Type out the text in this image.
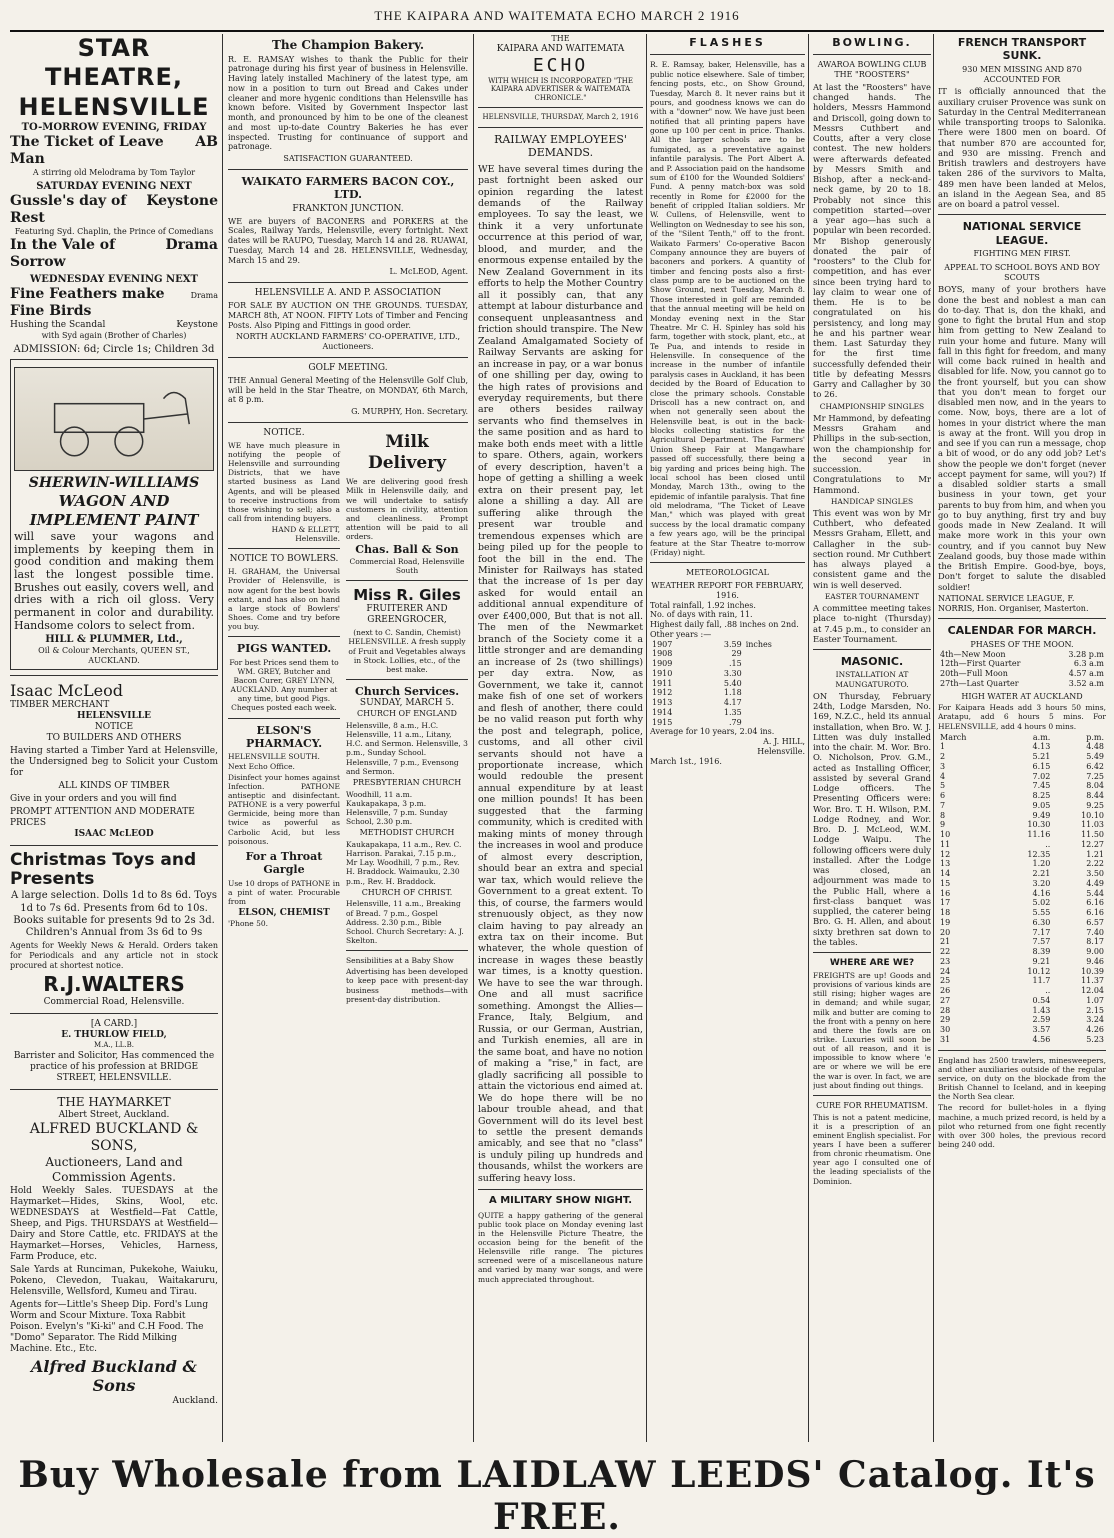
THE KAIPARA AND WAITEMATA ECHO MARCH 2 1916
STAR THEATRE, HELENSVILLE
TO-MORROW EVENING, FRIDAY
The Ticket of Leave Man
AB
A stirring old Melodrama by Tom Taylor
SATURDAY EVENING NEXT
Gussle's day of Rest
Keystone
Featuring Syd. Chaplin, the Prince of Comedians
In the Vale of Sorrow
Drama
WEDNESDAY EVENING NEXT
Fine Feathers make Fine Birds
Drama
Hushing the Scandal	Keystone
with Syd again (Brother of Charles)
ADMISSION: 6d; Circle 1s; Children 3d
SHERWIN-WILLIAMS
WAGON AND IMPLEMENT PAINT

will save your wagons and implements by keeping them in good condition and making them last the longest possible time. Brushes out easily, covers well, and dries with a rich oil gloss. Very permanent in color and durability. Handsome colors to select from.

HILL & PLUMMER, Ltd.,
Oil & Colour Merchants, QUEEN ST., AUCKLAND.
Isaac McLeod
TIMBER MERCHANT
HELENSVILLE
NOTICE
TO BUILDERS AND OTHERS

Having started a Timber Yard at Helensville, the Undersigned beg to Solicit your Custom for

ALL KINDS OF TIMBER

Give in your orders and you will find

PROMPT ATTENTION AND MODERATE PRICES
ISAAC McLEOD
Christmas Toys and Presents

A large selection. Dolls 1d to 8s 6d. Toys 1d to 7s 6d. Presents from 6d to 10s. Books suitable for presents 9d to 2s 3d. Children's Annual from 3s 6d to 9s

Agents for Weekly News & Herald. Orders taken for Periodicals and any article not in stock procured at shortest notice.

R.J.WALTERS
Commercial Road, Helensville.
[A CARD.]
E. THURLOW FIELD,
M.A., LL.B.

Barrister and Solicitor, Has commenced the practice of his profession at BRIDGE STREET, HELENSVILLE.

THE HAYMARKET
Albert Street, Auckland.
ALFRED BUCKLAND & SONS,
Auctioneers, Land and Commission Agents.

Hold Weekly Sales. TUESDAYS at the Haymarket—Hides, Skins, Wool, etc. WEDNESDAYS at Westfield—Fat Cattle, Sheep, and Pigs. THURSDAYS at Westfield—Dairy and Store Cattle, etc. FRIDAYS at the Haymarket—Horses, Vehicles, Harness, Farm Produce, etc.

Sale Yards at Runciman, Pukekohe, Waiuku, Pokeno, Clevedon, Tuakau, Waitakaruru, Helensville, Wellsford, Kumeu and Tirau.

Agents for—Little's Sheep Dip. Ford's Lung Worm and Scour Mixture. Toxa Rabbit Poison. Evelyn's "Ki-ki" and C.H Food. The "Domo" Separator. The Ridd Milking Machine. Etc., Etc.

Alfred Buckland & Sons
Auckland.
The Champion Bakery.

R. E. RAMSAY wishes to thank the Public for their patronage during his first year of business in Helensville. Having lately installed Machinery of the latest type, am now in a position to turn out Bread and Cakes under cleaner and more hygenic conditions than Helensville has known before. Visited by Government Inspector last month, and pronounced by him to be one of the cleanest and most up-to-date Country Bakeries he has ever inspected. Trusting for continuance of support and patronage.

SATISFACTION GUARANTEED.
WAIKATO FARMERS BACON COY., LTD.
FRANKTON JUNCTION.

WE are buyers of BACONERS and PORKERS at the Scales, Railway Yards, Helensville, every fortnight. Next dates will be RAUPO, Tuesday, March 14 and 28. RUAWAI, Tuesday, March 14 and 28. HELENSVILLE, Wednesday, March 15 and 29.

L. McLEOD, Agent.
HELENSVILLE A. AND P. ASSOCIATION

FOR SALE BY AUCTION ON THE GROUNDS. TUESDAY, MARCH 8th, AT NOON. FIFTY Lots of Timber and Fencing Posts. Also Piping and Fittings in good order.

NORTH AUCKLAND FARMERS' CO-OPERATIVE, LTD., Auctioneers.
GOLF MEETING.

THE Annual General Meeting of the Helensville Golf Club, will be held in the Star Theatre, on MONDAY, 6th March, at 8 p.m.

G. MURPHY, Hon. Secretary.
NOTICE.

WE have much pleasure in notifying the people of Helensville and surrounding Districts, that we have started business as Land Agents, and will be pleased to receive instructions from those wishing to sell; also a call from intending buyers.

HAND & ELLETT, Helensville.
NOTICE TO BOWLERS.

H. GRAHAM, the Universal Provider of Helensville, is now agent for the best bowls extant, and has also on hand a large stock of Bowlers' Shoes. Come and try before you buy.

PIGS WANTED.

For best Prices send them to WM. GREY, Butcher and Bacon Curer, GREY LYNN, AUCKLAND. Any number at any time, but good Pigs. Cheques posted each week.

ELSON'S PHARMACY.
HELENSVILLE SOUTH. Next Echo Office.

Disinfect your homes against Infection. PATHONE antiseptic and disinfectant. PATHONE is a very powerful Germicide, being more than twice as powerful as Carbolic Acid, but less poisonous.

For a Throat Gargle

Use 10 drops of PATHONE in a pint of water. Procurable from

ELSON, CHEMIST
'Phone 50.
Milk Delivery

We are delivering good fresh Milk in Helensville daily, and we will undertake to satisfy customers in civility, attention and cleanliness. Prompt attention will be paid to all orders.

Chas. Ball & Son
Commercial Road, Helensville South
Miss R. Giles
FRUITERER AND GREENGROCER,

(next to C. Sandin, Chemist) HELENSVILLE. A fresh supply of Fruit and Vegetables always in Stock. Lollies, etc., of the best make.

Church Services.
SUNDAY, MARCH 5.
CHURCH OF ENGLAND

Helensville, 8 a.m., H.C. Helensville, 11 a.m., Litany, H.C. and Sermon. Helensville, 3 p.m., Sunday School. Helensville, 7 p.m., Evensong and Sermon.

PRESBYTERIAN CHURCH

Woodhill, 11 a.m. Kaukapakapa, 3 p.m. Helensville, 7 p.m. Sunday School, 2.30 p.m.

METHODIST CHURCH

Kaukapakapa, 11 a.m., Rev. C. Harrison. Parakai, 7.15 p.m., Mr Lay. Woodhill, 7 p.m., Rev. H. Braddock. Waimauku, 2.30 p.m., Rev. H. Braddock.

CHURCH OF CHRIST.

Helensville, 11 a.m., Breaking of Bread. 7 p.m., Gospel Address. 2.30 p.m., Bible School. Church Secretary: A. J. Skelton.

Sensibilities at a Baby Show

Advertising has been developed to keep pace with present-day business methods—with present-day distribution.

THE
KAIPARA AND WAITEMATA
ECHO
WITH WHICH IS INCORPORATED "THE KAIPARA ADVERTISER & WAITEMATA CHRONICLE."
HELENSVILLE, THURSDAY, March 2, 1916
RAILWAY EMPLOYEES' DEMANDS.

WE have several times during the past fortnight been asked our opinion regarding the latest demands of the Railway employees. To say the least, we think it a very unfortunate occurrence at this period of war, blood, and murder, and the enormous expense entailed by the New Zealand Government in its efforts to help the Mother Country all it possibly can, that any attempt at labour disturbance and consequent unpleasantness and friction should transpire. The New Zealand Amalgamated Society of Railway Servants are asking for an increase in pay, or a war bonus of one shilling per day, owing to the high rates of provisions and everyday requirements, but there are others besides railway servants who find themselves in the same position and as hard to make both ends meet with a little to spare. Others, again, workers of every description, haven't a hope of getting a shilling a week extra on their present pay, let alone a shilling a day. All are suffering alike through the present war trouble and tremendous expenses which are being piled up for the people to foot the bill in the end. The Minister for Railways has stated that the increase of 1s per day asked for would entail an additional annual expenditure of over £400,000, But that is not all. The men of the Newmarket branch of the Society come it a little stronger and are demanding an increase of 2s (two shillings) per day extra. Now, as Government, we take it, cannot make fish of one set of workers and flesh of another, there could be no valid reason put forth why the post and telegraph, police, customs, and all other civil servants should not have a proportionate increase, which would redouble the present annual expenditure by at least one million pounds! It has been suggested that the farming community, which is credited with making mints of money through the increases in wool and produce of almost every description, should bear an extra and special war tax, which would relieve the Government to a great extent. To this, of course, the farmers would strenuously object, as they now claim having to pay already an extra tax on their income. But whatever, the whole question of increase in wages these beastly war times, is a knotty question. We have to see the war through. One and all must sacrifice something. Amongst the Allies—France, Italy, Belgium, and Russia, or our German, Austrian, and Turkish enemies, all are in the same boat, and have no notion of making a "rise," in fact, are gladly sacrificing all possible to attain the victorious end aimed at. We do hope there will be no labour trouble ahead, and that Government will do its level best to settle the present demands amicably, and see that no "class" is unduly piling up hundreds and thousands, whilst the workers are suffering heavy loss.

A MILITARY SHOW NIGHT.

QUITE a happy gathering of the general public took place on Monday evening last in the Helensville Picture Theatre, the occasion being for the benefit of the Helensville rifle range. The pictures screened were of a miscellaneous nature and varied by many war songs, and were much appreciated throughout.

FLASHES

R. E. Ramsay, baker, Helensville, has a public notice elsewhere. Sale of timber, fencing posts, etc., on Show Ground, Tuesday, March 8. It never rains but it pours, and goodness knows we can do with a "downer" now. We have just been notified that all printing papers have gone up 100 per cent in price. Thanks. All the larger schools are to be fumigated, as a preventative against infantile paralysis. The Port Albert A. and P. Association paid on the handsome sum of £100 for the Wounded Soldiers' Fund. A penny match-box was sold recently in Rome for £2000 for the benefit of crippled Italian soldiers. Mr W. Cullens, of Helensville, went to Wellington on Wednesday to see his son, of the "Silent Tenth," off to the front. Waikato Farmers' Co-operative Bacon Company announce they are buyers of baconers and porkers. A quantity of timber and fencing posts also a first-class pump are to be auctioned on the Show Ground, next Tuesday, March 8. Those interested in golf are reminded that the annual meeting will be held on Monday evening next in the Star Theatre. Mr C. H. Spinley has sold his farm, together with stock, plant, etc., at Te Pua, and intends to reside in Helensville. In consequence of the increase in the number of infantile paralysis cases in Auckland, it has been decided by the Board of Education to close the primary schools. Constable Driscoll has a new contract on, and when not generally seen about the Helensville beat, is out in the back-blocks collecting statistics for the Agricultural Department. The Farmers' Union Sheep Fair at Mangawhare passed off successfully, there being a big yarding and prices being high. The local school has been closed until Monday, March 13th., owing to the epidemic of infantile paralysis. That fine old melodrama, "The Ticket of Leave Man," which was played with great success by the local dramatic company a few years ago, will be the principal feature at the Star Theatre to-morrow (Friday) night.

METEOROLOGICAL
WEATHER REPORT FOR FEBRUARY, 1916.
Total rainfall, 1.92 inches.
No. of days with rain, 11.
Highest daily fall, .88 inches on 2nd.
Other years :—
1907	3.59	inches
1908	29	
1909	.15	
1910	3.30	
1911	5.40	
1912	1.18	
1913	4.17	
1914	1.35	
1915	.79	
Average for 10 years, 2.04 ins.
A. J. HILL,
Helensville.
March 1st., 1916.
BOWLING.
AWAROA BOWLING CLUB
THE "ROOSTERS"

At last the "Roosters" have changed hands. The holders, Messrs Hammond and Driscoll, going down to Messrs Cuthbert and Coutts, after a very close contest. The new holders were afterwards defeated by Messrs Smith and Bishop, after a neck-and-neck game, by 20 to 18. Probably not since this competition started—over a year ago—has such a popular win been recorded. Mr Bishop generously donated the pair of "roosters" to the Club for competition, and has ever since been trying hard to lay claim to wear one of them. He is to be congratulated on his persistency, and long may he and his partner wear them. Last Saturday they for the first time successfully defended their title by defeating Messrs Garry and Callagher by 30 to 26.

CHAMPIONSHIP SINGLES

Mr Hammond, by defeating Messrs Graham and Phillips in the sub-section, won the championship for the second year in succession. Congratulations to Mr Hammond.

HANDICAP SINGLES

This event was won by Mr Cuthbert, who defeated Messrs Graham, Ellett, and Callagher in the sub-section round. Mr Cuthbert has always played a consistent game and the win is well deserved.

EASTER TOURNAMENT

A committee meeting takes place to-night (Thursday) at 7.45 p.m., to consider an Easter Tournament.

MASONIC.
INSTALLATION AT MAUNGATUROTO.

ON Thursday, February 24th, Lodge Marsden, No. 169, N.Z.C., held its annual installation, when Bro. W. J. Litten was duly installed into the chair. M. Wor. Bro. O. Nicholson, Prov. G.M., acted as Installing Officer, assisted by several Grand Lodge officers. The Presenting Officers were: Wor. Bro. T. H. Wilson, P.M. Lodge Rodney, and Wor. Bro. D. J. McLeod, W.M. Lodge Waipu. The following officers were duly installed. After the Lodge was closed, an adjournment was made to the Public Hall, where a first-class banquet was supplied, the caterer being Bro. G. H. Allen, and about sixty brethren sat down to the tables.

WHERE ARE WE?

FREIGHTS are up! Goods and provisions of various kinds are still rising; higher wages are in demand; and while sugar, milk and butter are coming to the front with a penny on here and there the fowls are on strike. Luxuries will soon be out of all reason, and it is impossible to know where 'e are or where we will be ere the war is over. In fact, we are just about finding out things.

CURE FOR RHEUMATISM.

This is not a patent medicine, it is a prescription of an eminent English specialist. For years I have been a sufferer from chronic rheumatism. One year ago I consulted one of the leading specialists of the Dominion.

FRENCH TRANSPORT SUNK.
930 MEN MISSING AND 870 ACCOUNTED FOR

IT is officially announced that the auxiliary cruiser Provence was sunk on Saturday in the Central Mediterranean while transporting troops to Salonika. There were 1800 men on board. Of that number 870 are accounted for, and 930 are missing. French and British trawlers and destroyers have taken 286 of the survivors to Malta, 489 men have been landed at Melos, an island in the Aegean Sea, and 85 are on board a patrol vessel.

NATIONAL SERVICE LEAGUE.
FIGHTING MEN FIRST.
APPEAL TO SCHOOL BOYS AND BOY SCOUTS

BOYS, many of your brothers have done the best and noblest a man can do to-day. That is, don the khaki, and gone to fight the brutal Hun and stop him from getting to New Zealand to ruin your home and future. Many will fall in this fight for freedom, and many will come back ruined in health and disabled for life. Now, you cannot go to the front yourself, but you can show that you don't mean to forget our disabled men now, and in the years to come. Now, boys, there are a lot of homes in your district where the man is away at the front. Will you drop in and see if you can run a message, chop a bit of wood, or do any odd job? Let's show the people we don't forget (never accept payment for same, will you?) If a disabled soldier starts a small business in your town, get your parents to buy from him, and when you go to buy anything, first try and buy goods made in New Zealand. It will make more work in this your own country, and if you cannot buy New Zealand goods, buy those made within the British Empire. Good-bye, boys, Don't forget to salute the disabled soldier!

NATIONAL SERVICE LEAGUE, F. NORRIS, Hon. Organiser, Masterton.

CALENDAR FOR MARCH.
PHASES OF THE MOON.
4th—New Moon	3.28 p.m
12th—First Quarter	6.3 a.m
20th—Full Moon	4.57 a.m
27th—Last Quarter	3.52 a.m
HIGH WATER AT AUCKLAND

For Kaipara Heads add 3 hours 50 mins, Aratapu, add 6 hours 5 mins. For HELENSVILLE, add 4 hours 0 mins.

March	a.m.	p.m.
1	4.13	4.48
2	5.21	5.49
3	6.15	6.42
4	7.02	7.25
5	7.45	8.04
6	8.25	8.44
7	9.05	9.25
8	9.49	10.10
9	10.30	11.03
10	11.16	11.50
11	..	12.27
12	12.35	1.21
13	1.20	2.22
14	2.21	3.50
15	3.20	4.49
16	4.16	5.44
17	5.02	6.16
18	5.55	6.16
19	6.30	6.57
20	7.17	7.40
21	7.57	8.17
22	8.39	9.00
23	9.21	9.46
24	10.12	10.39
25	11.7	11.37
26	..	12.04
27	0.54	1.07
28	1.43	2.15
29	2.59	3.24
30	3.57	4.26
31	4.56	5.23

England has 2500 trawlers, minesweepers, and other auxiliaries outside of the regular service, on duty on the blockade from the British Channel to Iceland, and in keeping the North Sea clear.

The record for bullet-holes in a flying machine, a much prized record, is held by a pilot who returned from one fight recently with over 300 holes, the previous record being 240 odd.

Buy Wholesale from LAIDLAW LEEDS' Catalog. It's FREE.
